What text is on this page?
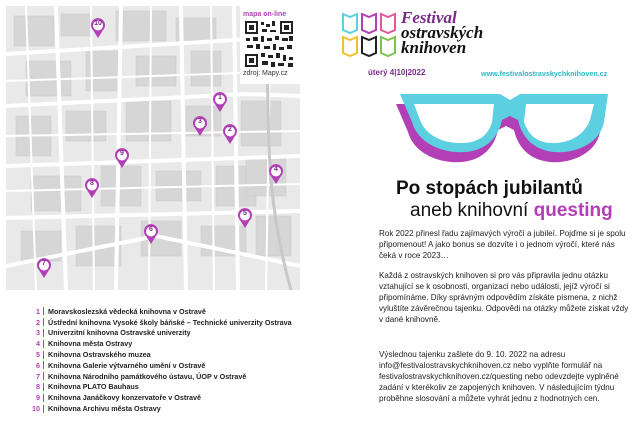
10
1
3
2
4
9
8
5
6
7
mapa on-line
zdroj: Mapy.cz
1 Moravskoslezská vědecká knihovna v Ostravě
2 Ústřední knihovna Vysoké školy báňské – Technické univerzity Ostrava
3 Univerzitní knihovna Ostravské univerzity
4 Knihovna města Ostravy
5 Knihovna Ostravského muzea
6 Knihovna Galerie výtvarného umění v Ostravě
7 Knihovna Národního památkového ústavu, ÚOP v Ostravě
8 Knihovna PLATO Bauhaus
9 Knihovna Janáčkovy konzervatoře v Ostravě
10 Knihovna Archivu města Ostravy
Festival
ostravských
knihoven
úterý 4|10|2022	www.festivalostravskychknihoven.cz
Po stopách jubilantů
aneb knihovní questing
Rok 2022 přinesl řadu zajímavých výročí a jubileí. Pojďme si je spolu připomenout! A jako bonus se dozvíte i o jednom výročí, které nás čeká v roce 2023…
Každá z ostravských knihoven si pro vás připravila jednu otázku vztahující se k osobnosti, organizaci nebo události, jejíž výročí si připomínáme. Díky správným odpovědím získáte písmena, z nichž vyluštíte závěrečnou tajenku. Odpovědi na otázky můžete získat vždy v dané knihovně.
Výslednou tajenku zašlete do 9. 10. 2022 na adresu info@festivalostravskychknihoven.cz nebo vyplňte formulář na festivalostravskychknihoven.cz/questing nebo odevzdejte vyplněné zadání v kterékoliv ze zapojených knihoven. V následujícím týdnu proběhne slosování a můžete vyhrát jednu z hodnotných cen.
